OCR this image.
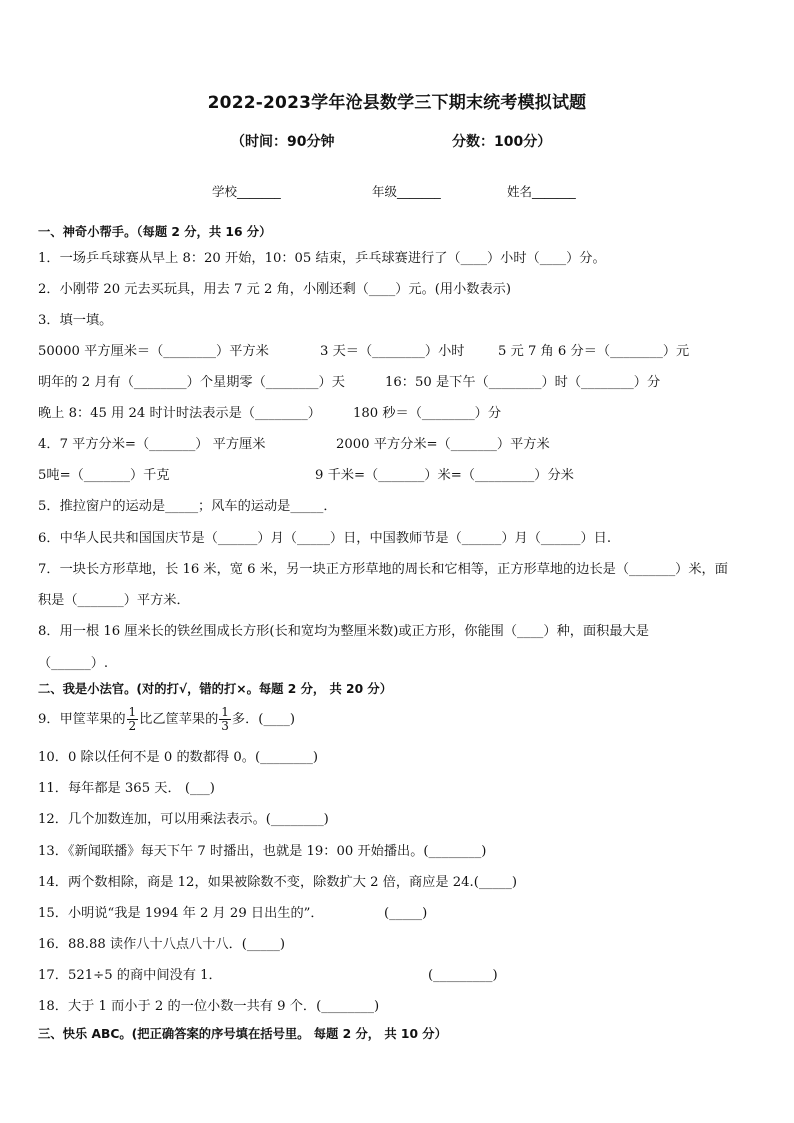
2022-2023学年沧县数学三下期末统考模拟试题
（时间：90分钟	分数：100分）
学校_______	年级_______	姓名_______
一、神奇小帮手。（每题 2 分，共 16 分）
1．一场乒乓球赛从早上 8：20 开始，10：05 结束，乒乓球赛进行了（____）小时（____）分。
2．小刚带 20 元去买玩具，用去 7 元 2 角，小刚还剩（____）元。(用小数表示)
3．填一填。
50000 平方厘米＝（________）平方米	3 天＝（________）小时	5 元 7 角 6 分＝（________）元
明年的 2 月有（________）个星期零（________）天	16：50 是下午（________）时（________）分
晚上 8：45 用 24 时计时法表示是（________） 180 秒＝（________）分
4．7 平方分米=（_______） 平方厘米	2000 平方分米=（_______）平方米
5吨=（_______）千克	9 千米=（_______）米=（_________）分米
5．推拉窗户的运动是_____；风车的运动是_____．
6．中华人民共和国国庆节是（______）月（_____）日，中国教师节是（______）月（______）日.
7．一块长方形草地，长 16 米，宽 6 米，另一块正方形草地的周长和它相等，正方形草地的边长是（_______）米，面
积是（_______）平方米．
8．用一根 16 厘米长的铁丝围成长方形(长和宽均为整厘米数)或正方形，你能围（____）种，面积最大是
（______）.
二、我是小法官。(对的打√，错的打×。每题 2 分， 共 20 分）
9．甲筐苹果的 $\frac{1}{2}$ 比乙筐苹果的 $\frac{1}{3}$ 多．(____)
10．0 除以任何不是 0 的数都得 0。(________)
11．每年都是 365 天． (___)
12．几个加数连加，可以用乘法表示。(________)
13．《新闻联播》每天下午 7 时播出，也就是 19：00 开始播出。(________)
14．两个数相除，商是 12，如果被除数不变，除数扩大 2 倍，商应是 24.(_____)
15．小明说“我是 1994 年 2 月 29 日出生的”．	(_____)
16．88.88 读作八十八点八十八．(_____)
17．521÷5 的商中间没有 1．	(_________)
18．大于 1 而小于 2 的一位小数一共有 9 个．(________)
三、快乐 ABC。(把正确答案的序号填在括号里。 每题 2 分， 共 10 分）
